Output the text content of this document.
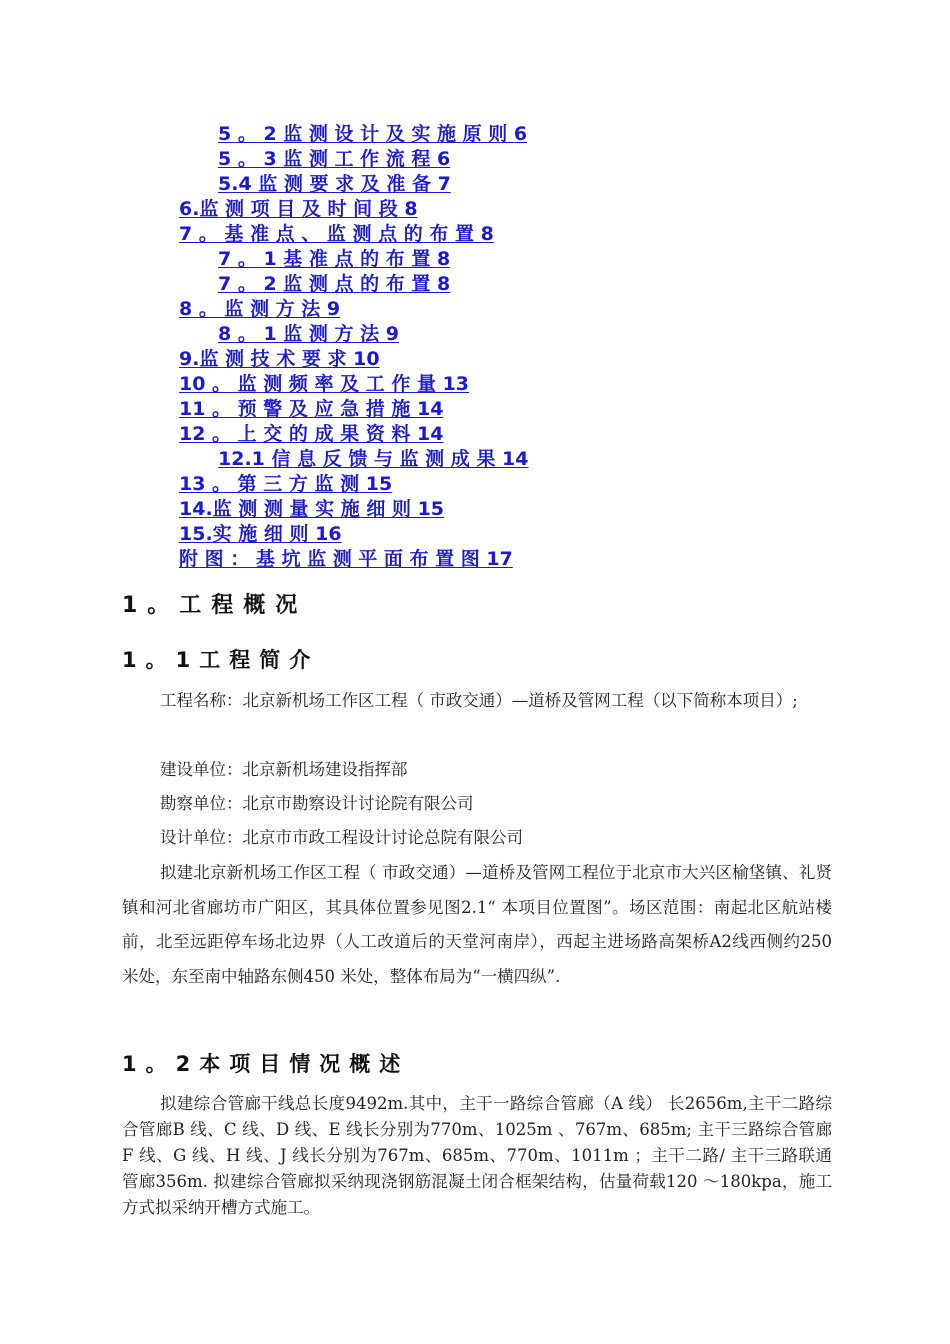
5 。 2 监 测 设 计 及 实 施 原 则 6
5 。 3 监 测 工 作 流 程 6
5.4 监 测 要 求 及 准 备 7
6.监 测 项 目 及 时 间 段 8
7 。 基 准 点 、 监 测 点 的 布 置 8
7 。 1 基 准 点 的 布 置 8
7 。 2 监 测 点 的 布 置 8
8 。 监 测 方 法 9
8 。 1 监 测 方 法 9
9.监 测 技 术 要 求 10
10 。 监 测 频 率 及 工 作 量 13
11 。 预 警 及 应 急 措 施 14
12 。 上 交 的 成 果 资 料 14
12.1 信 息 反 馈 与 监 测 成 果 14
13 。 第 三 方 监 测 15
14.监 测 测 量 实 施 细 则 15
15.实 施 细 则 16
附 图 ： 基 坑 监 测 平 面 布 置 图 17
1。工程概况
1。1工程简介

工程名称：北京新机场工作区工程（ 市政交通）—道桥及管网工程（以下简称本项目）;

建设单位：北京新机场建设指挥部

勘察单位：北京市勘察设计讨论院有限公司

设计单位：北京市市政工程设计讨论总院有限公司

拟建北京新机场工作区工程（ 市政交通）—道桥及管网工程位于北京市大兴区榆垡镇、礼贤镇和河北省廊坊市广阳区，其具体位置参见图2.1“ 本项目位置图”。场区范围：南起北区航站楼前，北至远距停车场北边界（人工改道后的天堂河南岸），西起主进场路高架桥A2线西侧约250 米处，东至南中轴路东侧450 米处，整体布局为“一横四纵”.

1。2本项目情况概述

拟建综合管廊干线总长度9492m.其中，主干一路综合管廊（A 线） 长2656m,主干二路综合管廊B 线、C 线、D 线、E 线长分别为770m、1025m 、767m、685m; 主干三路综合管廊F 线、G 线、H 线、J 线长分别为767m、685m、770m、1011m ；主干二路/ 主干三路联通管廊356m. 拟建综合管廊拟采纳现浇钢筋混凝土闭合框架结构，估量荷载120 ～180kpa，施工方式拟采纳开槽方式施工。
